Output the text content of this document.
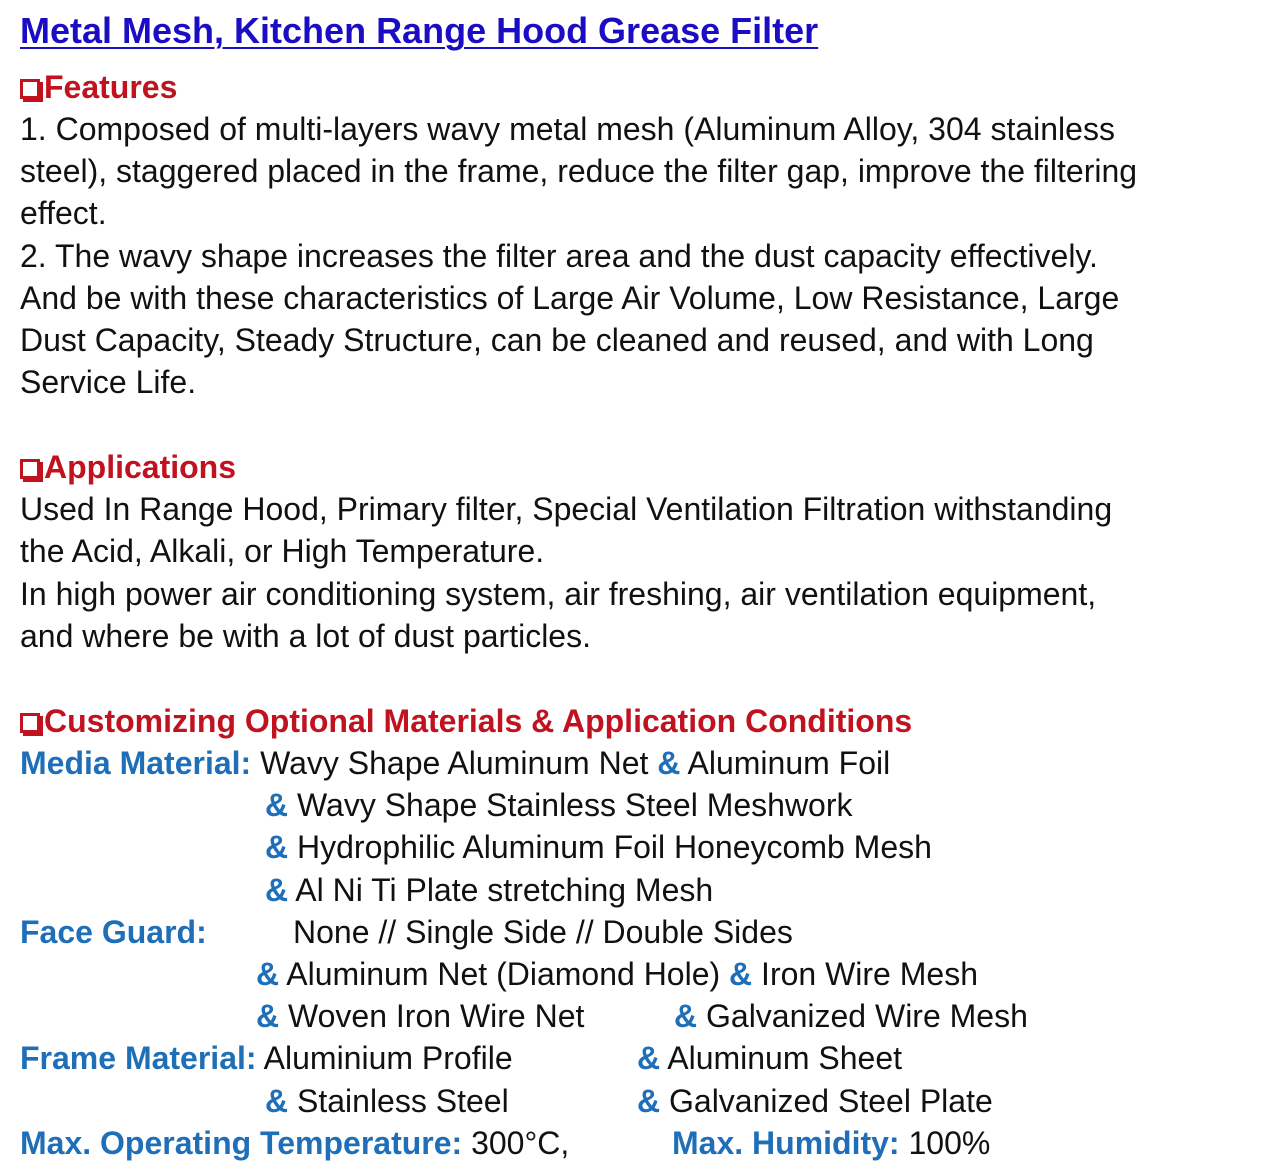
Metal Mesh, Kitchen Range Hood Grease Filter
Features
1. Composed of multi-layers wavy metal mesh (Aluminum Alloy, 304 stainless
steel), staggered placed in the frame, reduce the filter gap, improve the filtering
effect.
2. The wavy shape increases the filter area and the dust capacity effectively.
And be with these characteristics of Large Air Volume, Low Resistance, Large
Dust Capacity, Steady Structure, can be cleaned and reused, and with Long
Service Life.
Applications
Used In Range Hood, Primary filter, Special Ventilation Filtration withstanding
the Acid, Alkali, or High Temperature.
In high power air conditioning system, air freshing, air ventilation equipment,
and where be with a lot of dust particles.
Customizing Optional Materials & Application Conditions
Media Material: Wavy Shape Aluminum Net & Aluminum Foil
& Wavy Shape Stainless Steel Meshwork
& Hydrophilic Aluminum Foil Honeycomb Mesh
& Al Ni Ti Plate stretching Mesh
Face Guard:	None // Single Side // Double Sides
& Aluminum Net (Diamond Hole) & Iron Wire Mesh
& Woven Iron Wire Net	& Galvanized Wire Mesh
Frame Material: Aluminium Profile	& Aluminum Sheet
& Stainless Steel	& Galvanized Steel Plate
Max. Operating Temperature: 300°C,	Max. Humidity: 100%
